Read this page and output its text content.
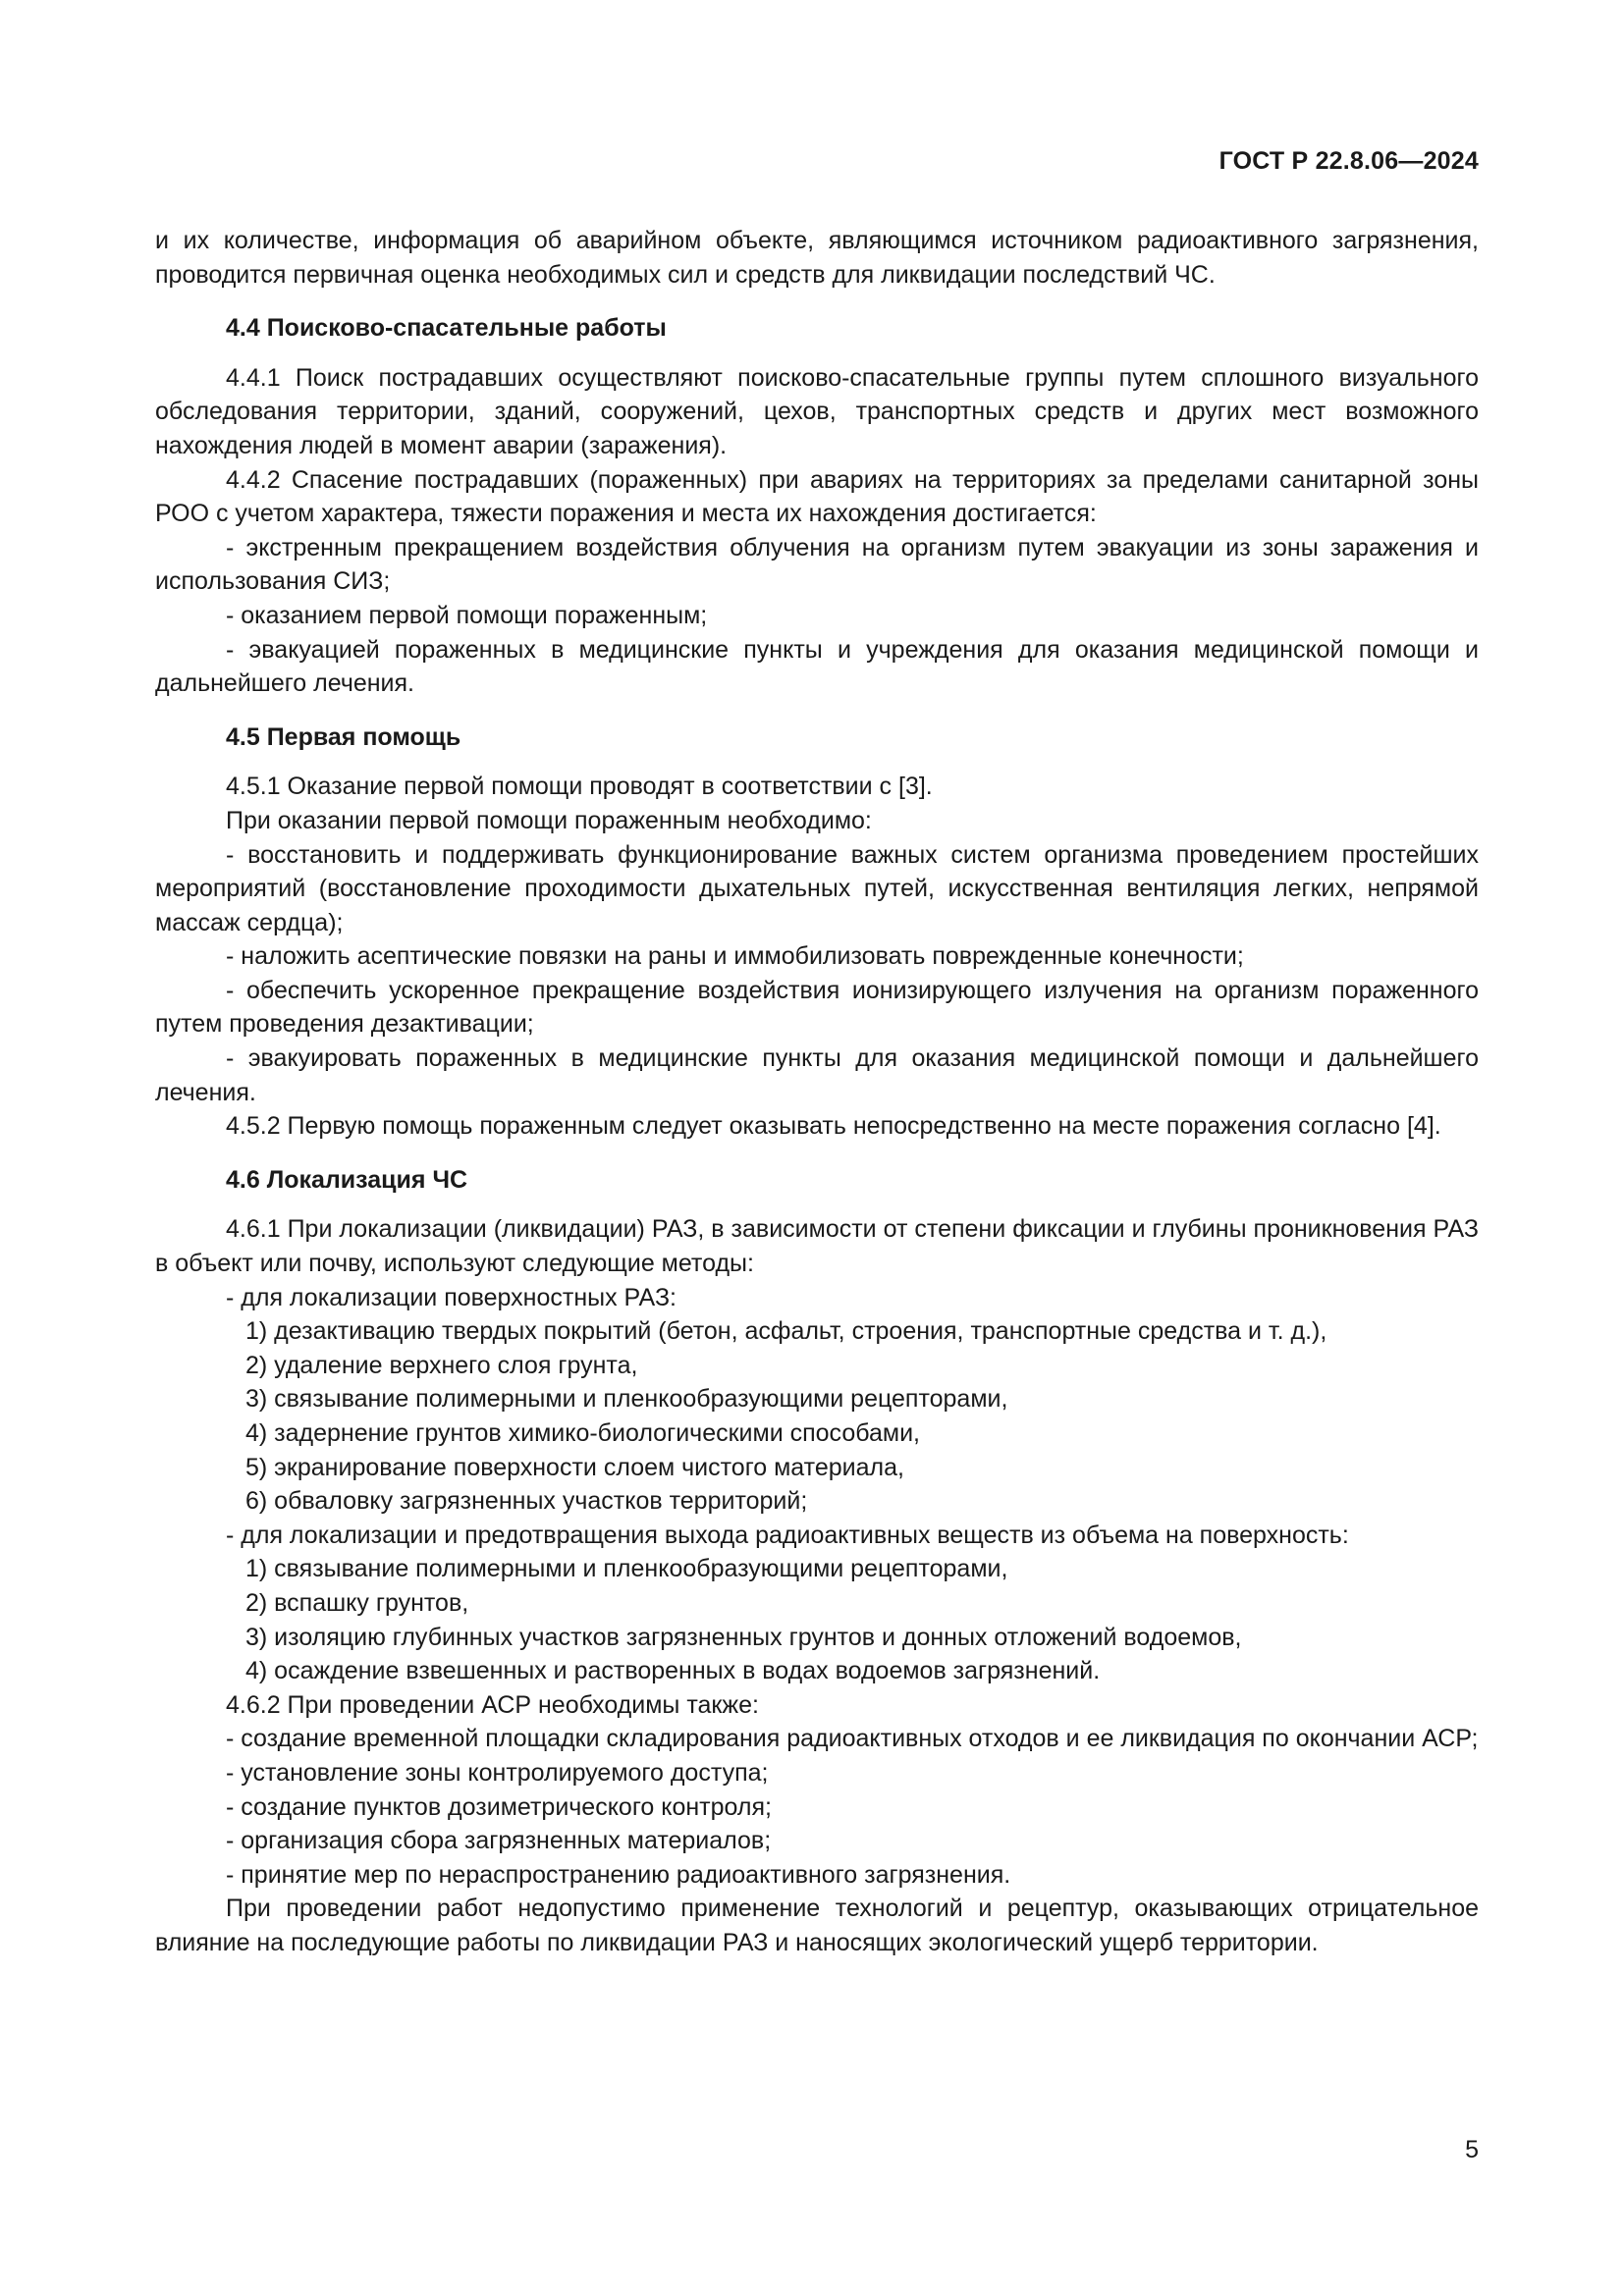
ГОСТ Р 22.8.06—2024

и их количестве, информация об аварийном объекте, являющимся источником радиоактивного загрязнения, проводится первичная оценка необходимых сил и средств для ликвидации последствий ЧС.

4.4 Поисково-спасательные работы

4.4.1 Поиск пострадавших осуществляют поисково-спасательные группы путем сплошного визуального обследования территории, зданий, сооружений, цехов, транспортных средств и других мест возможного нахождения людей в момент аварии (заражения).

4.4.2 Спасение пострадавших (пораженных) при авариях на территориях за пределами санитарной зоны РОО с учетом характера, тяжести поражения и места их нахождения достигается:

- экстренным прекращением воздействия облучения на организм путем эвакуации из зоны заражения и использования СИЗ;

- оказанием первой помощи пораженным;

- эвакуацией пораженных в медицинские пункты и учреждения для оказания медицинской помощи и дальнейшего лечения.

4.5 Первая помощь

4.5.1 Оказание первой помощи проводят в соответствии с [3].

При оказании первой помощи пораженным необходимо:

- восстановить и поддерживать функционирование важных систем организма проведением простейших мероприятий (восстановление проходимости дыхательных путей, искусственная вентиляция легких, непрямой массаж сердца);

- наложить асептические повязки на раны и иммобилизовать поврежденные конечности;

- обеспечить ускоренное прекращение воздействия ионизирующего излучения на организм пораженного путем проведения дезактивации;

- эвакуировать пораженных в медицинские пункты для оказания медицинской помощи и дальнейшего лечения.

4.5.2 Первую помощь пораженным следует оказывать непосредственно на месте поражения согласно [4].

4.6 Локализация ЧС

4.6.1 При локализации (ликвидации) РАЗ, в зависимости от степени фиксации и глубины проникновения РАЗ в объект или почву, используют следующие методы:

- для локализации поверхностных РАЗ:

1) дезактивацию твердых покрытий (бетон, асфальт, строения, транспортные средства и т. д.),

2) удаление верхнего слоя грунта,

3) связывание полимерными и пленкообразующими рецепторами,

4) задернение грунтов химико-биологическими способами,

5) экранирование поверхности слоем чистого материала,

6) обваловку загрязненных участков территорий;

- для локализации и предотвращения выхода радиоактивных веществ из объема на поверхность:

1) связывание полимерными и пленкообразующими рецепторами,

2) вспашку грунтов,

3) изоляцию глубинных участков загрязненных грунтов и донных отложений водоемов,

4) осаждение взвешенных и растворенных в водах водоемов загрязнений.

4.6.2 При проведении АСР необходимы также:

- создание временной площадки складирования радиоактивных отходов и ее ликвидация по окончании АСР;

- установление зоны контролируемого доступа;

- создание пунктов дозиметрического контроля;

- организация сбора загрязненных материалов;

- принятие мер по нераспространению радиоактивного загрязнения.

При проведении работ недопустимо применение технологий и рецептур, оказывающих отрицательное влияние на последующие работы по ликвидации РАЗ и наносящих экологический ущерб территории.

5
